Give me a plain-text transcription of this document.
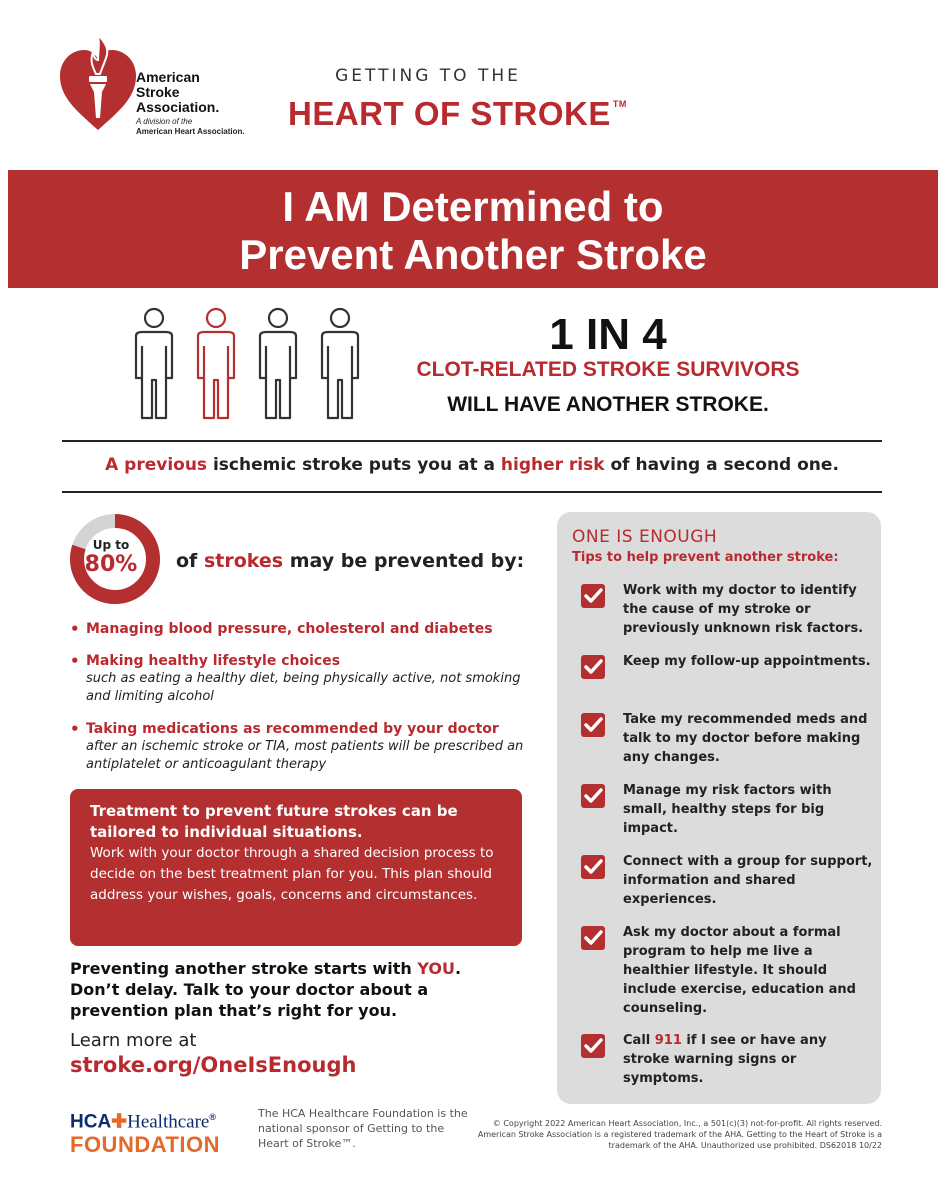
American
Stroke
Association.
A division of the
American Heart Association.
GETTING TO THE
HEART OF STROKE ™
I AM Determined to
Prevent Another Stroke
1 IN 4
CLOT-RELATED STROKE SURVIVORS
WILL HAVE ANOTHER STROKE.
A previous ischemic stroke puts you at a higher risk of having a second one.
Up to
80%	of strokes may be prevented by:
• Managing blood pressure, cholesterol and diabetes
• Making healthy lifestyle choices
such as eating a healthy diet, being physically active, not smoking and limiting alcohol
• Taking medications as recommended by your doctor
after an ischemic stroke or TIA, most patients will be prescribed an antiplatelet or anticoagulant therapy
Treatment to prevent future strokes can be tailored to individual situations.
Work with your doctor through a shared decision process to decide on the best treatment plan for you. This plan should address your wishes, goals, concerns and circumstances.
Preventing another stroke starts with YOU.
Don’t delay. Talk to your doctor about a prevention plan that’s right for you.
Learn more at
stroke.org/OneIsEnough
ONE IS ENOUGH
Tips to help prevent another stroke:
Work with my doctor to identify the cause of my stroke or previously unknown risk factors.
Keep my follow-up appointments.
Take my recommended meds and talk to my doctor before making any changes.
Manage my risk factors with small, healthy steps for big impact.
Connect with a group for support, information and shared experiences.
Ask my doctor about a formal program to help me live a healthier lifestyle. It should include exercise, education and counseling.
Call 911 if I see or have any stroke warning signs or symptoms.
HCA✚Healthcare®
FOUNDATION
The HCA Healthcare Foundation is the national sponsor of Getting to the Heart of Stroke™.
© Copyright 2022 American Heart Association, Inc., a 501(c)(3) not-for-profit. All rights reserved. American Stroke Association is a registered trademark of the AHA. Getting to the Heart of Stroke is a trademark of the AHA. Unauthorized use prohibited. DS62018 10/22
